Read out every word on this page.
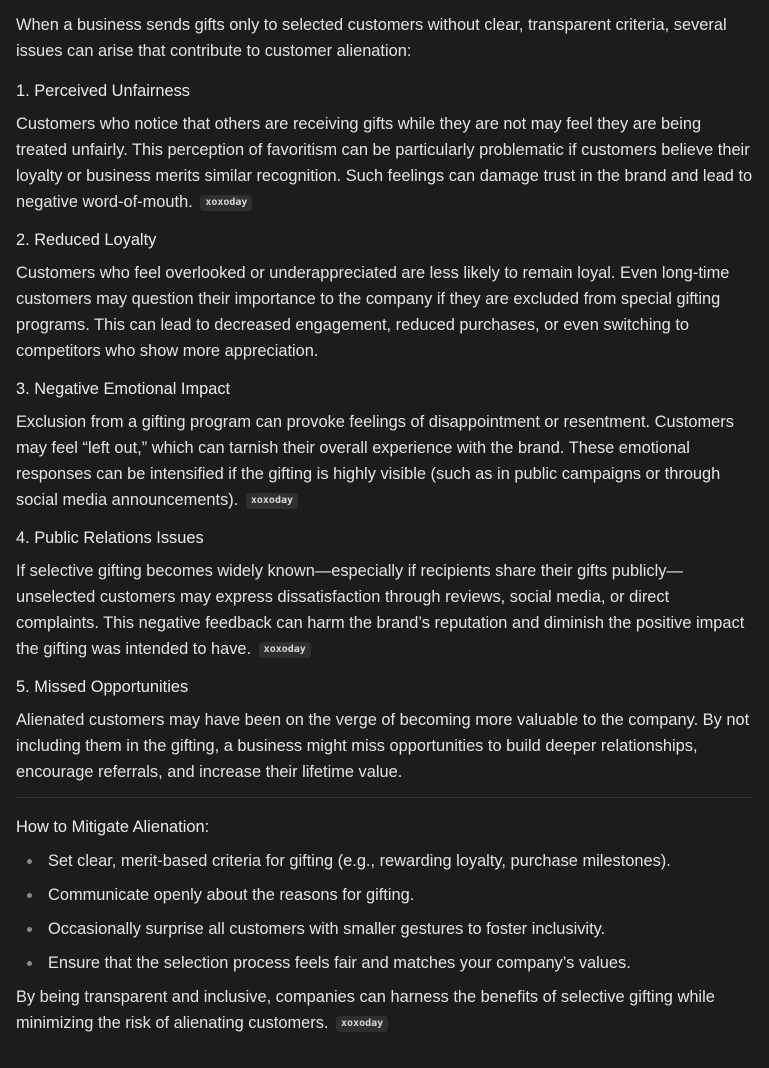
When a business sends gifts only to selected customers without clear, transparent criteria, several issues can arise that contribute to customer alienation:

1. Perceived Unfairness

Customers who notice that others are receiving gifts while they are not may feel they are being treated unfairly. This perception of favoritism can be particularly problematic if customers believe their loyalty or business merits similar recognition. Such feelings can damage trust in the brand and lead to negative word-of-mouth. xoxoday

2. Reduced Loyalty

Customers who feel overlooked or underappreciated are less likely to remain loyal. Even long-time customers may question their importance to the company if they are excluded from special gifting programs. This can lead to decreased engagement, reduced purchases, or even switching to competitors who show more appreciation.

3. Negative Emotional Impact

Exclusion from a gifting program can provoke feelings of disappointment or resentment. Customers may feel “left out,” which can tarnish their overall experience with the brand. These emotional responses can be intensified if the gifting is highly visible (such as in public campaigns or through social media announcements). xoxoday

4. Public Relations Issues

If selective gifting becomes widely known—especially if recipients share their gifts publicly—unselected customers may express dissatisfaction through reviews, social media, or direct complaints. This negative feedback can harm the brand’s reputation and diminish the positive impact the gifting was intended to have. xoxoday

5. Missed Opportunities

Alienated customers may have been on the verge of becoming more valuable to the company. By not including them in the gifting, a business might miss opportunities to build deeper relationships, encourage referrals, and increase their lifetime value.

How to Mitigate Alienation:

Set clear, merit-based criteria for gifting (e.g., rewarding loyalty, purchase milestones).
Communicate openly about the reasons for gifting.
Occasionally surprise all customers with smaller gestures to foster inclusivity.
Ensure that the selection process feels fair and matches your company’s values.

By being transparent and inclusive, companies can harness the benefits of selective gifting while minimizing the risk of alienating customers. xoxoday
